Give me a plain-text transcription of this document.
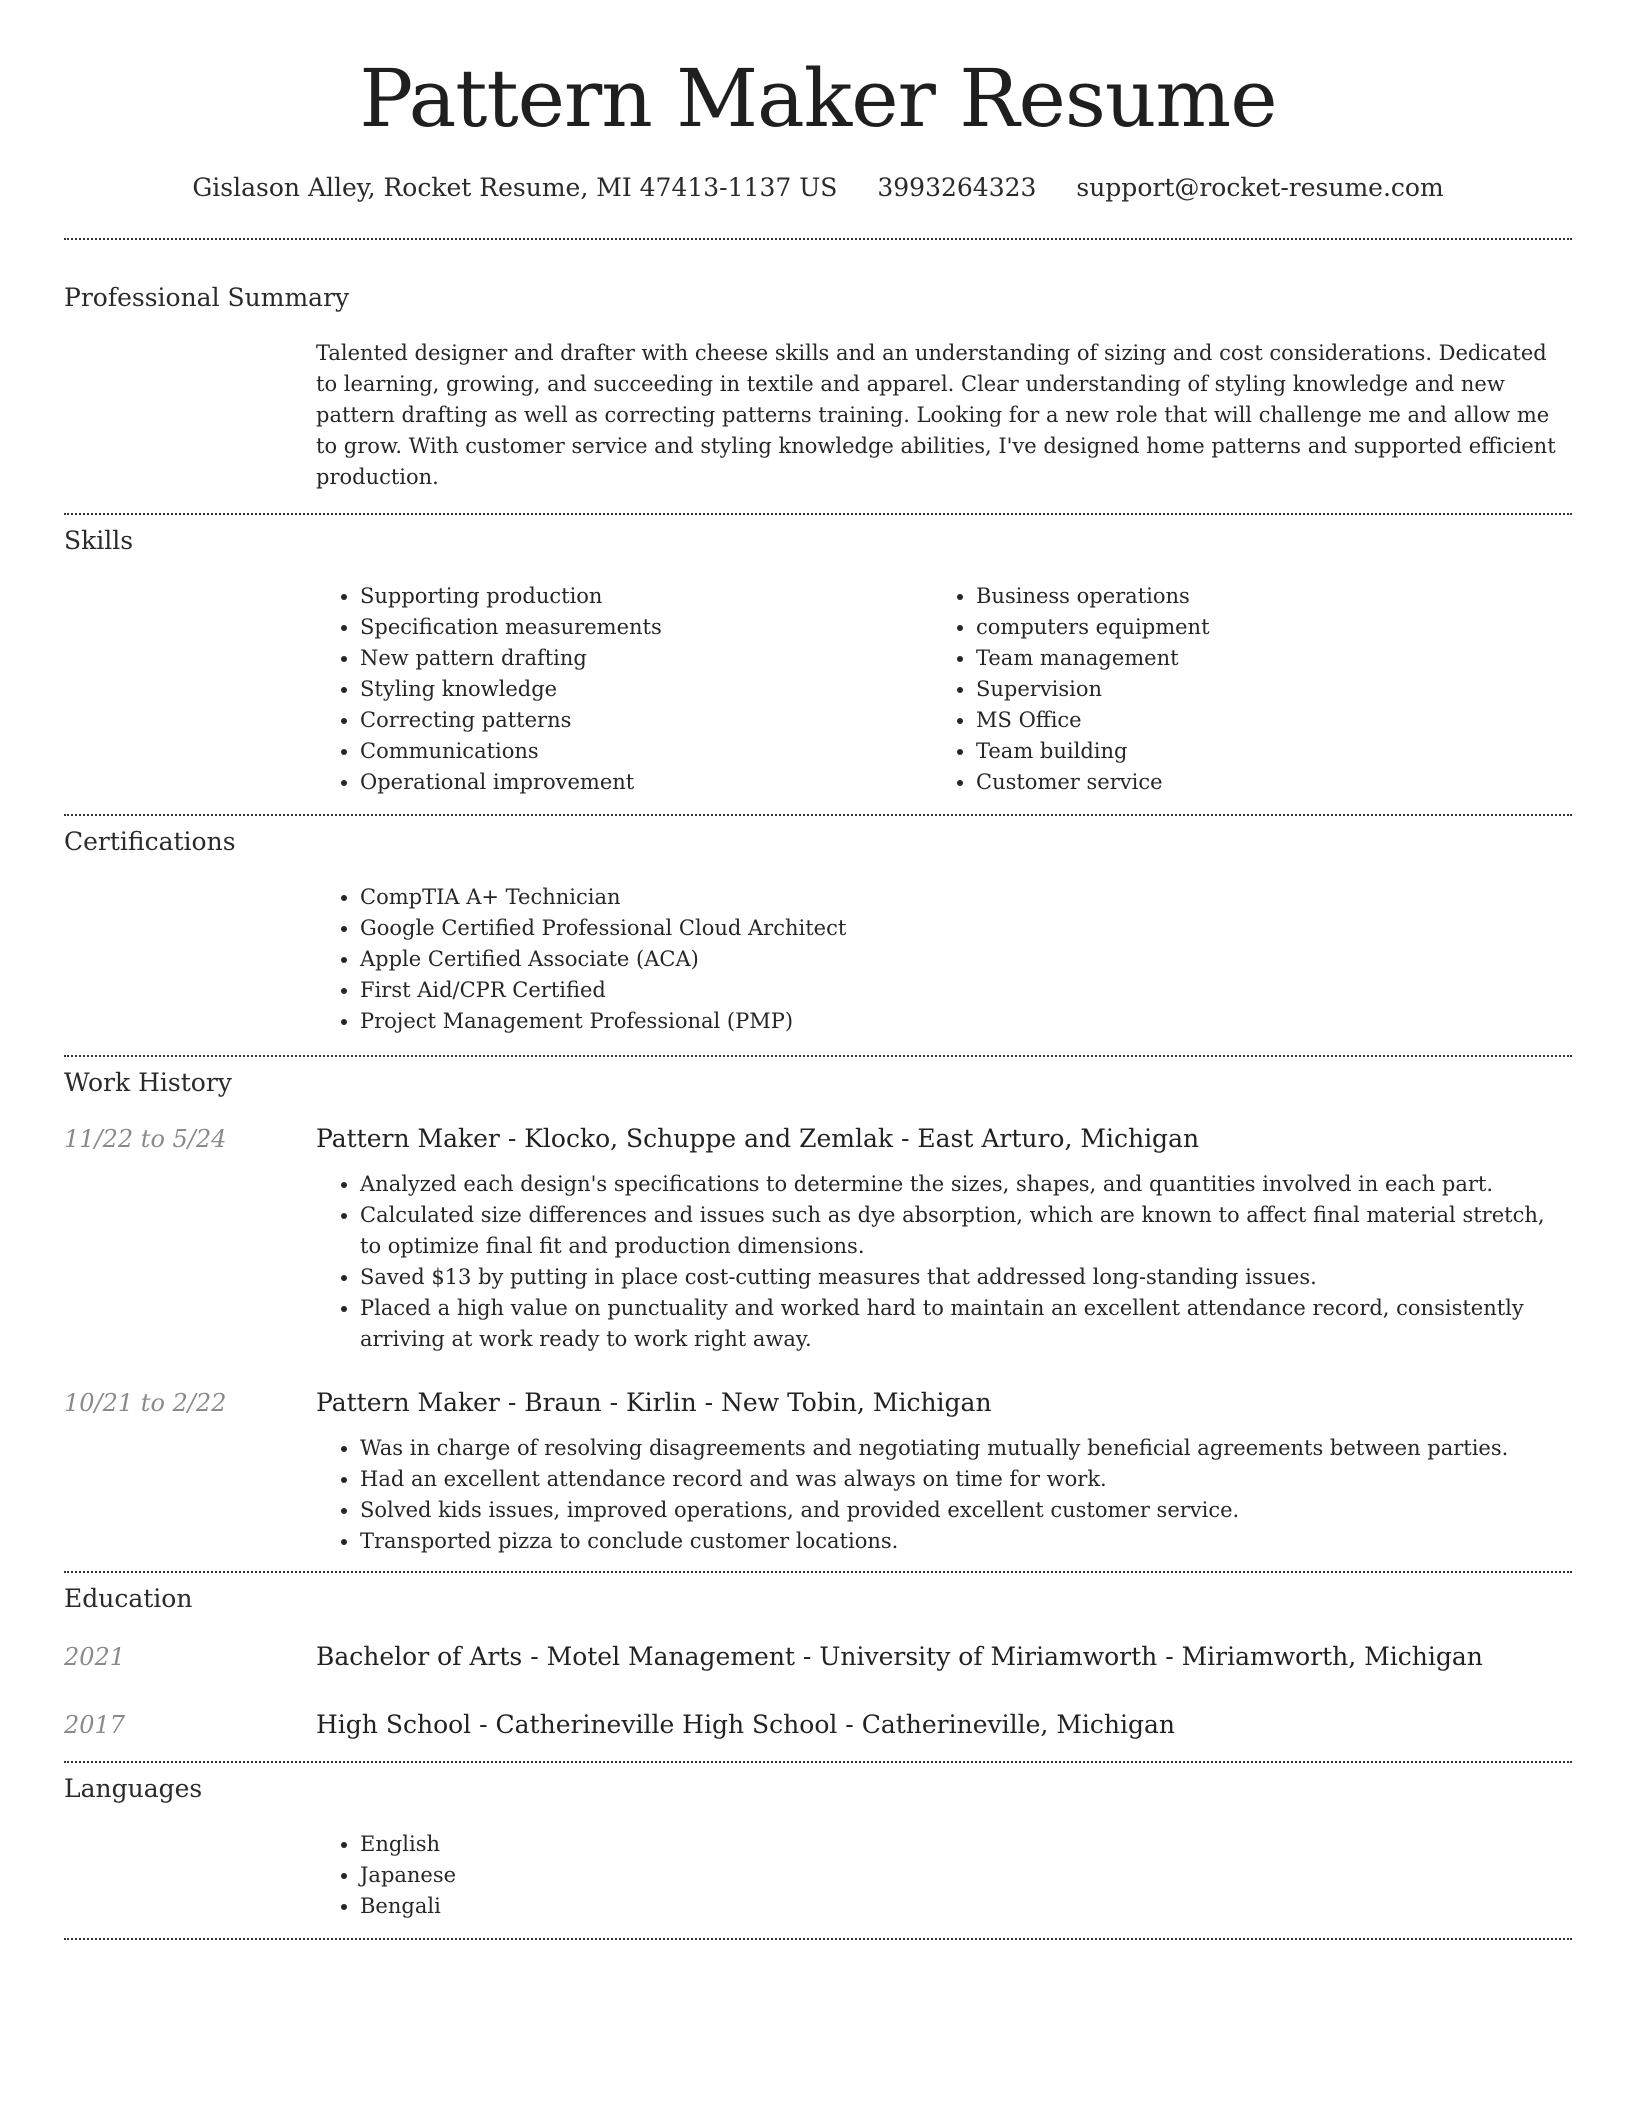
Pattern Maker Resume
Gislason Alley, Rocket Resume, MI 47413-1137 US 3993264323 support@rocket-resume.com
Professional Summary
Talented designer and drafter with cheese skills and an understanding of sizing and cost considerations. Dedicated to learning, growing, and succeeding in textile and apparel. Clear understanding of styling knowledge and new pattern drafting as well as correcting patterns training. Looking for a new role that will challenge me and allow me to grow. With customer service and styling knowledge abilities, I've designed home patterns and supported efficient production.
Skills
• Supporting production
• Specification measurements
• New pattern drafting
• Styling knowledge
• Correcting patterns
• Communications
• Operational improvement
• Business operations
• computers equipment
• Team management
• Supervision
• MS Office
• Team building
• Customer service
Certifications
• CompTIA A+ Technician
• Google Certified Professional Cloud Architect
• Apple Certified Associate (ACA)
• First Aid/CPR Certified
• Project Management Professional (PMP)
Work History
11/22 to 5/24	Pattern Maker - Klocko, Schuppe and Zemlak - East Arturo, Michigan
• Analyzed each design's specifications to determine the sizes, shapes, and quantities involved in each part.
• Calculated size differences and issues such as dye absorption, which are known to affect final material stretch, to optimize final fit and production dimensions.
• Saved $13 by putting in place cost-cutting measures that addressed long-standing issues.
• Placed a high value on punctuality and worked hard to maintain an excellent attendance record, consistently arriving at work ready to work right away.
10/21 to 2/22	Pattern Maker - Braun - Kirlin - New Tobin, Michigan
• Was in charge of resolving disagreements and negotiating mutually beneficial agreements between parties.
• Had an excellent attendance record and was always on time for work.
• Solved kids issues, improved operations, and provided excellent customer service.
• Transported pizza to conclude customer locations.
Education
2021	Bachelor of Arts - Motel Management - University of Miriamworth - Miriamworth, Michigan
2017	High School - Catherineville High School - Catherineville, Michigan
Languages
• English
• Japanese
• Bengali
